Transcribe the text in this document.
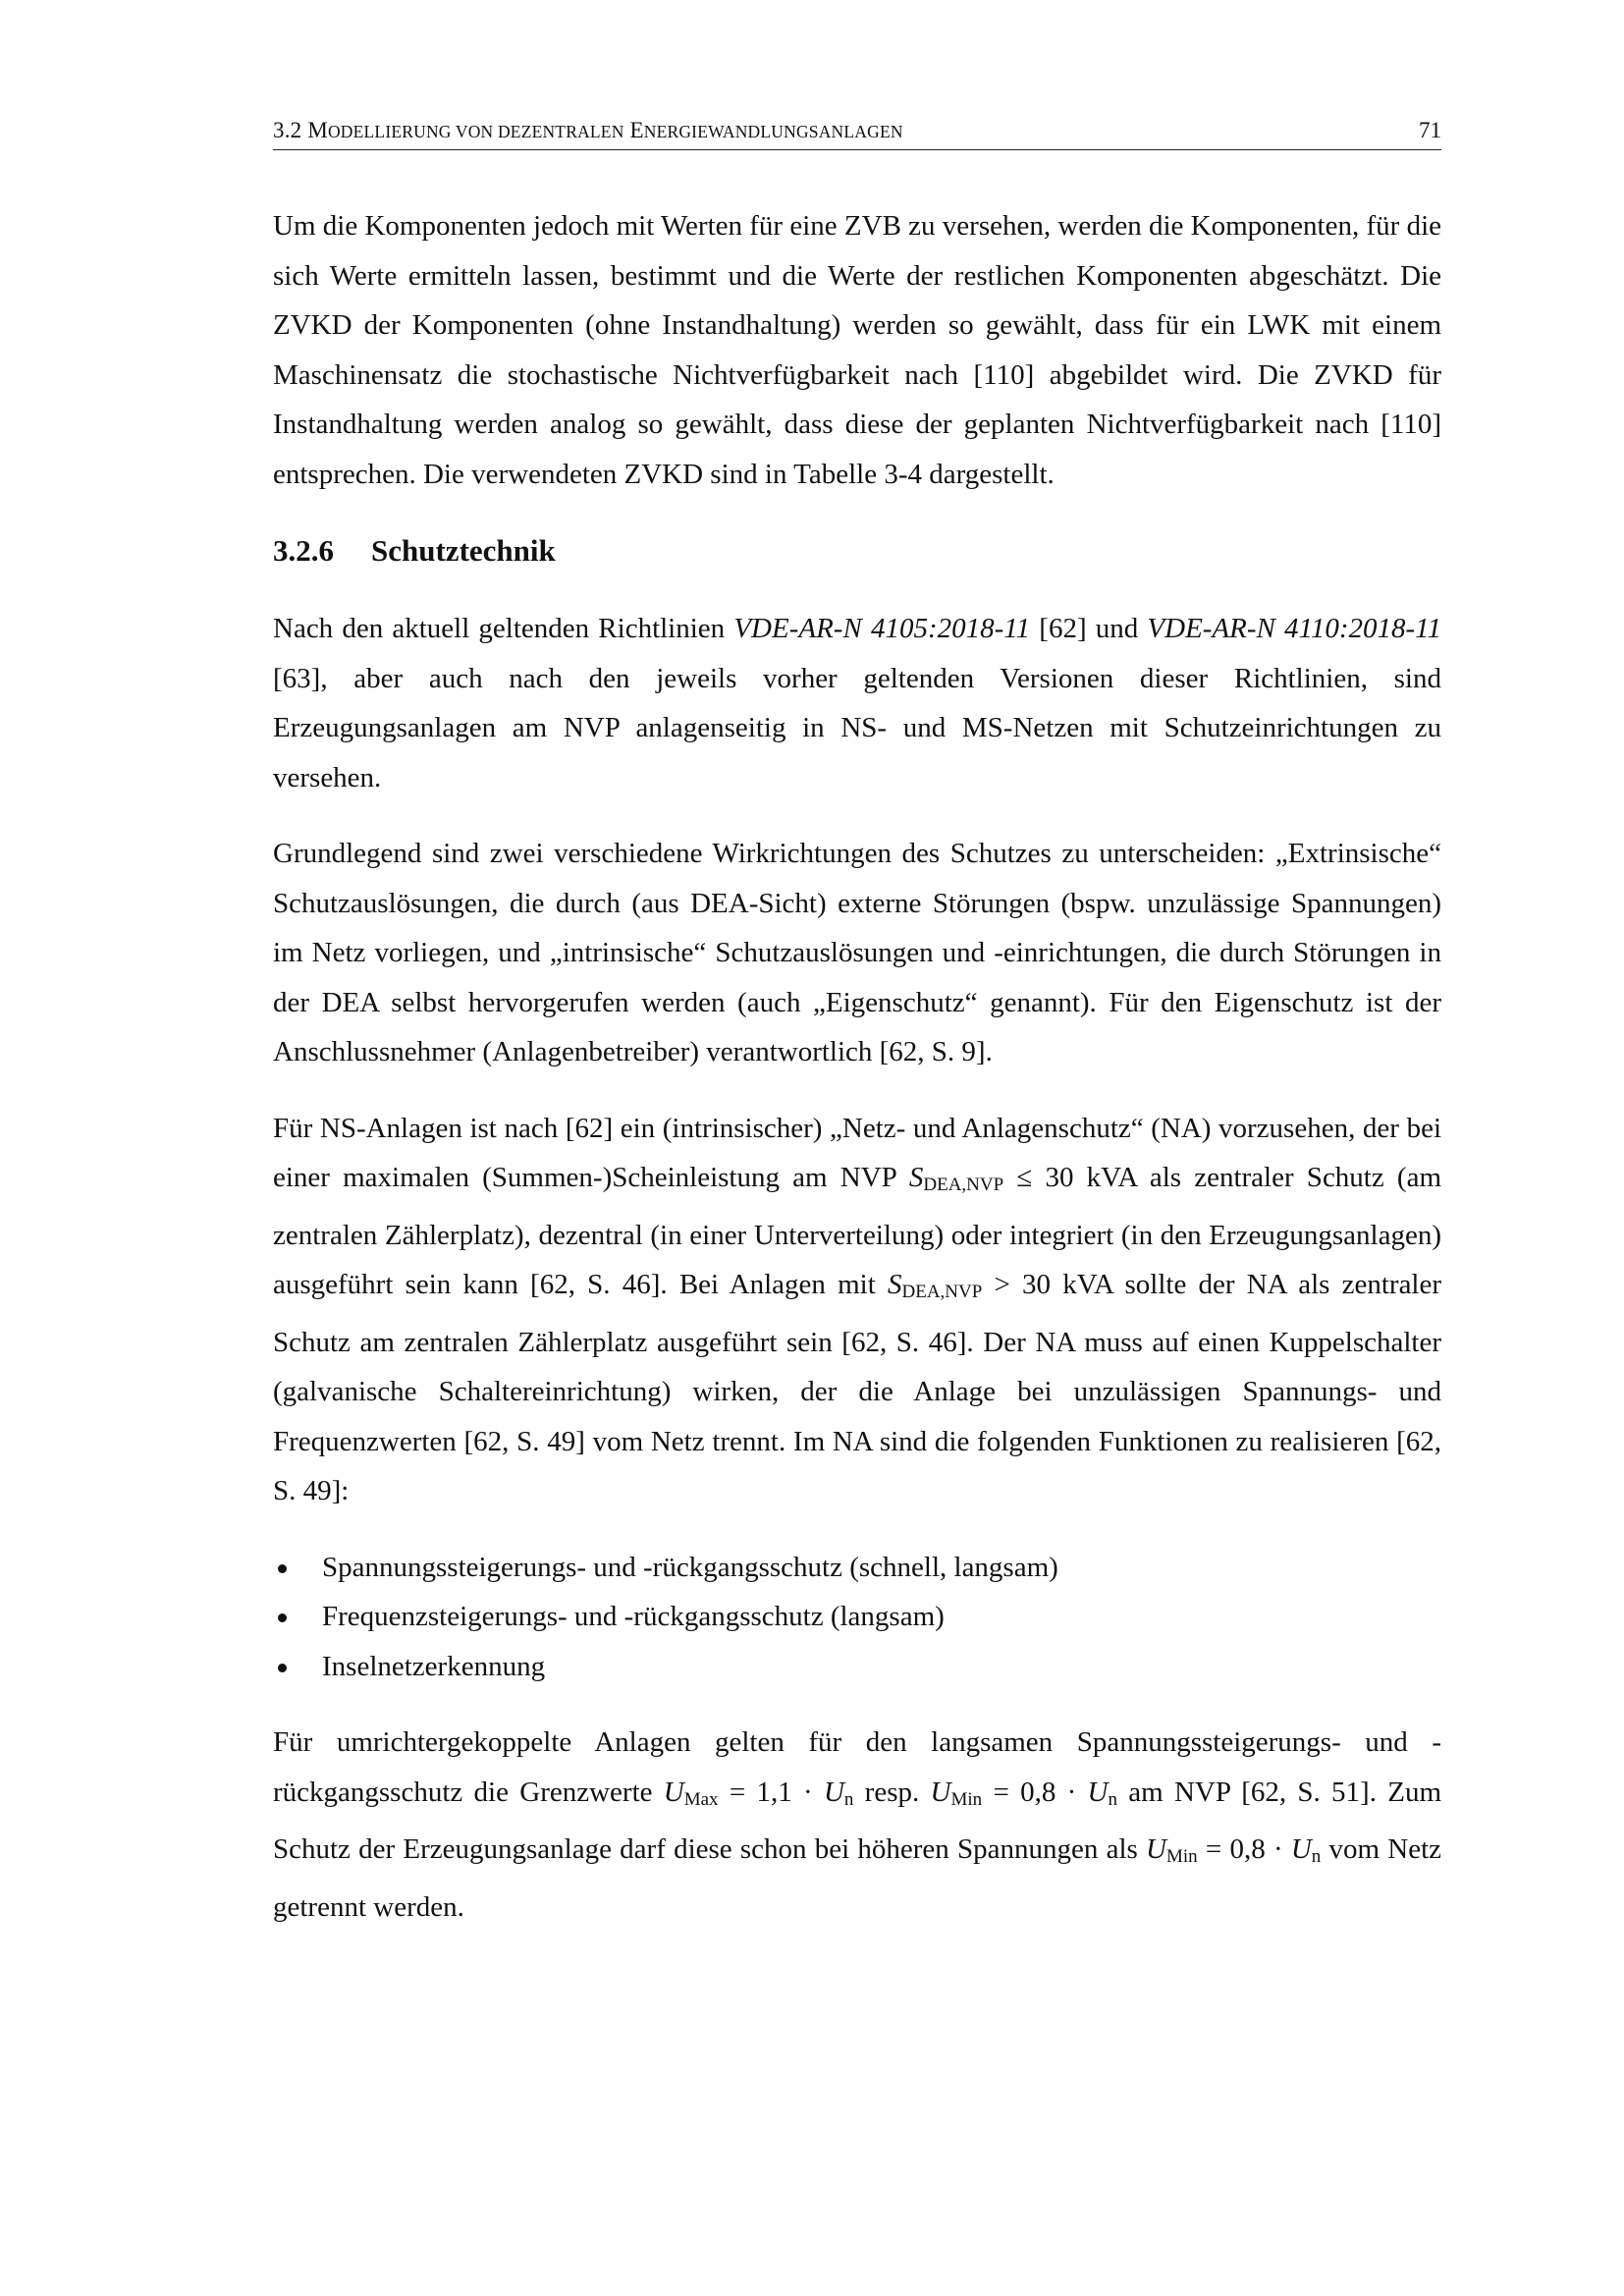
3.2 MODELLIERUNG VON DEZENTRALEN ENERGIEWANDLUNGSANLAGEN	71

Um die Komponenten jedoch mit Werten für eine ZVB zu versehen, werden die Komponenten, für die sich Werte ermitteln lassen, bestimmt und die Werte der restlichen Komponenten abgeschätzt. Die ZVKD der Komponenten (ohne Instandhaltung) werden so gewählt, dass für ein LWK mit einem Maschinensatz die stochastische Nichtverfügbarkeit nach [110] abgebildet wird. Die ZVKD für Instandhaltung werden analog so gewählt, dass diese der geplanten Nichtverfügbarkeit nach [110] entsprechen. Die verwendeten ZVKD sind in Tabelle 3-4 dargestellt.

3.2.6 Schutztechnik

Nach den aktuell geltenden Richtlinien VDE-AR-N 4105:2018-11 [62] und VDE-AR-N 4110:2018-11 [63], aber auch nach den jeweils vorher geltenden Versionen dieser Richtlinien, sind Erzeugungsanlagen am NVP anlagenseitig in NS- und MS-Netzen mit Schutzeinrichtungen zu versehen.

Grundlegend sind zwei verschiedene Wirkrichtungen des Schutzes zu unterscheiden: „Extrinsische“ Schutzauslösungen, die durch (aus DEA-Sicht) externe Störungen (bspw. unzulässige Spannungen) im Netz vorliegen, und „intrinsische“ Schutzauslösungen und -einrichtungen, die durch Störungen in der DEA selbst hervorgerufen werden (auch „Eigenschutz“ genannt). Für den Eigenschutz ist der Anschlussnehmer (Anlagenbetreiber) verantwortlich [62, S. 9].

Für NS-Anlagen ist nach [62] ein (intrinsischer) „Netz- und Anlagenschutz“ (NA) vorzusehen, der bei einer maximalen (Summen-)Scheinleistung am NVP $S_{DEA,NVP} \le 30$ kVA als zentraler Schutz (am zentralen Zählerplatz), dezentral (in einer Unterverteilung) oder integriert (in den Erzeugungsanlagen) ausgeführt sein kann [62, S. 46]. Bei Anlagen mit $S_{DEA,NVP} > 30$ kVA sollte der NA als zentraler Schutz am zentralen Zählerplatz ausgeführt sein [62, S. 46]. Der NA muss auf einen Kuppelschalter (galvanische Schaltereinrichtung) wirken, der die Anlage bei unzulässigen Spannungs- und Frequenzwerten [62, S. 49] vom Netz trennt. Im NA sind die folgenden Funktionen zu realisieren [62, S. 49]:

Spannungssteigerungs- und -rückgangsschutz (schnell, langsam)
Frequenzsteigerungs- und -rückgangsschutz (langsam)
Inselnetzerkennung

Für umrichtergekoppelte Anlagen gelten für den langsamen Spannungssteigerungs- und -rückgangsschutz die Grenzwerte $U_{Max} = 1,1 \cdot U_n$ resp. $U_{Min} = 0,8 \cdot U_n$ am NVP [62, S. 51]. Zum Schutz der Erzeugungsanlage darf diese schon bei höheren Spannungen als $U_{Min} = 0,8 \cdot U_n$ vom Netz getrennt werden.
